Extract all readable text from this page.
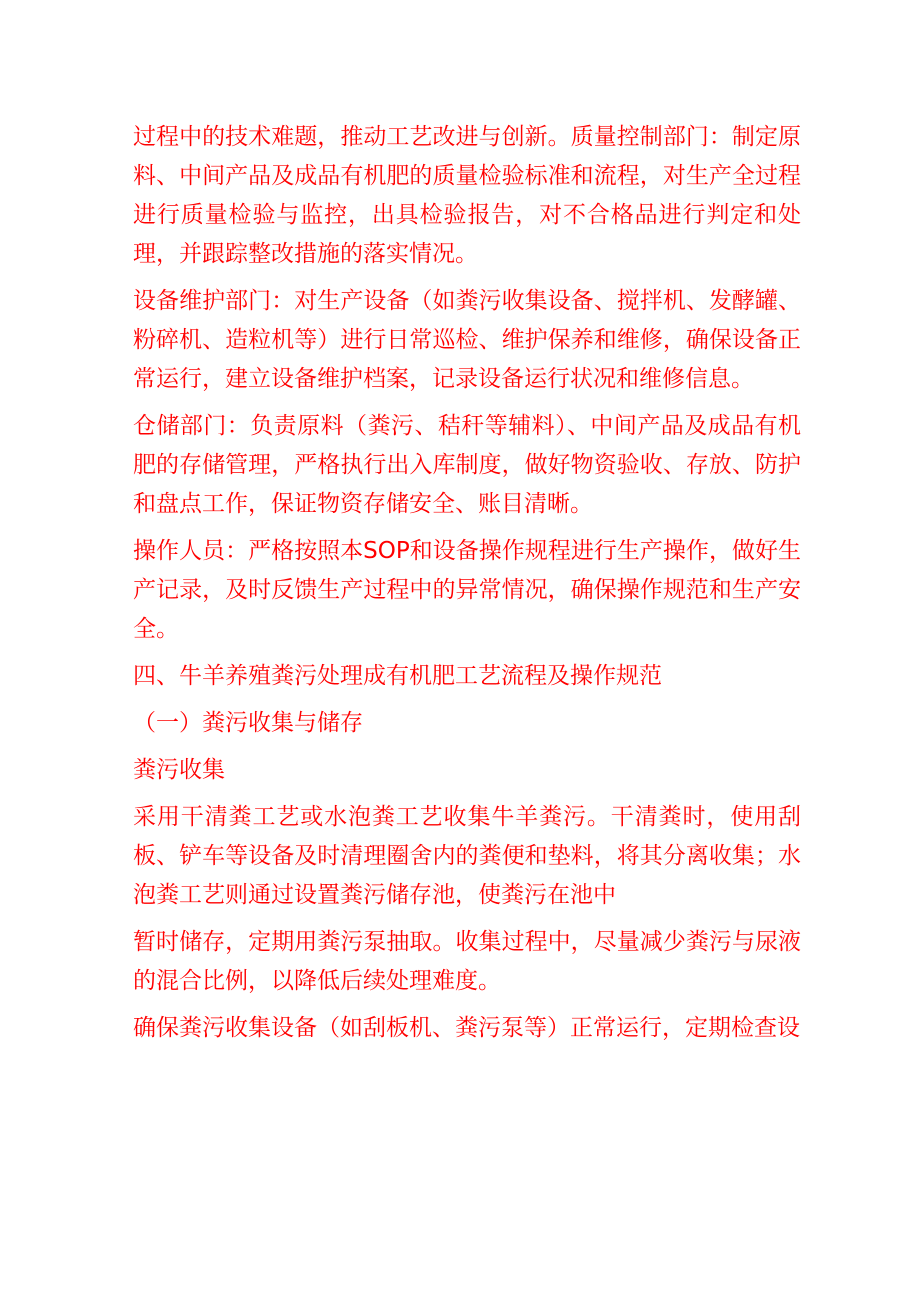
过程中的技术难题，推动工艺改进与创新。质量控制部门：制定原料、中间产品及成品有机肥的质量检验标准和流程，对生产全过程进行质量检验与监控，出具检验报告，对不合格品进行判定和处理，并跟踪整改措施的落实情况。

设备维护部门：对生产设备（如粪污收集设备、搅拌机、发酵罐、粉碎机、造粒机等）进行日常巡检、维护保养和维修，确保设备正常运行，建立设备维护档案，记录设备运行状况和维修信息。

仓储部门：负责原料（粪污、秸秆等辅料）、中间产品及成品有机肥的存储管理，严格执行出入库制度，做好物资验收、存放、防护和盘点工作，保证物资存储安全、账目清晰。

操作人员：严格按照本SOP和设备操作规程进行生产操作，做好生产记录，及时反馈生产过程中的异常情况，确保操作规范和生产安全。

四、牛羊养殖粪污处理成有机肥工艺流程及操作规范

（一）粪污收集与储存

粪污收集

采用干清粪工艺或水泡粪工艺收集牛羊粪污。干清粪时，使用刮板、铲车等设备及时清理圈舍内的粪便和垫料，将其分离收集；水泡粪工艺则通过设置粪污储存池，使粪污在池中

暂时储存，定期用粪污泵抽取。收集过程中，尽量减少粪污与尿液的混合比例，以降低后续处理难度。

确保粪污收集设备（如刮板机、粪污泵等）正常运行，定期检查设
